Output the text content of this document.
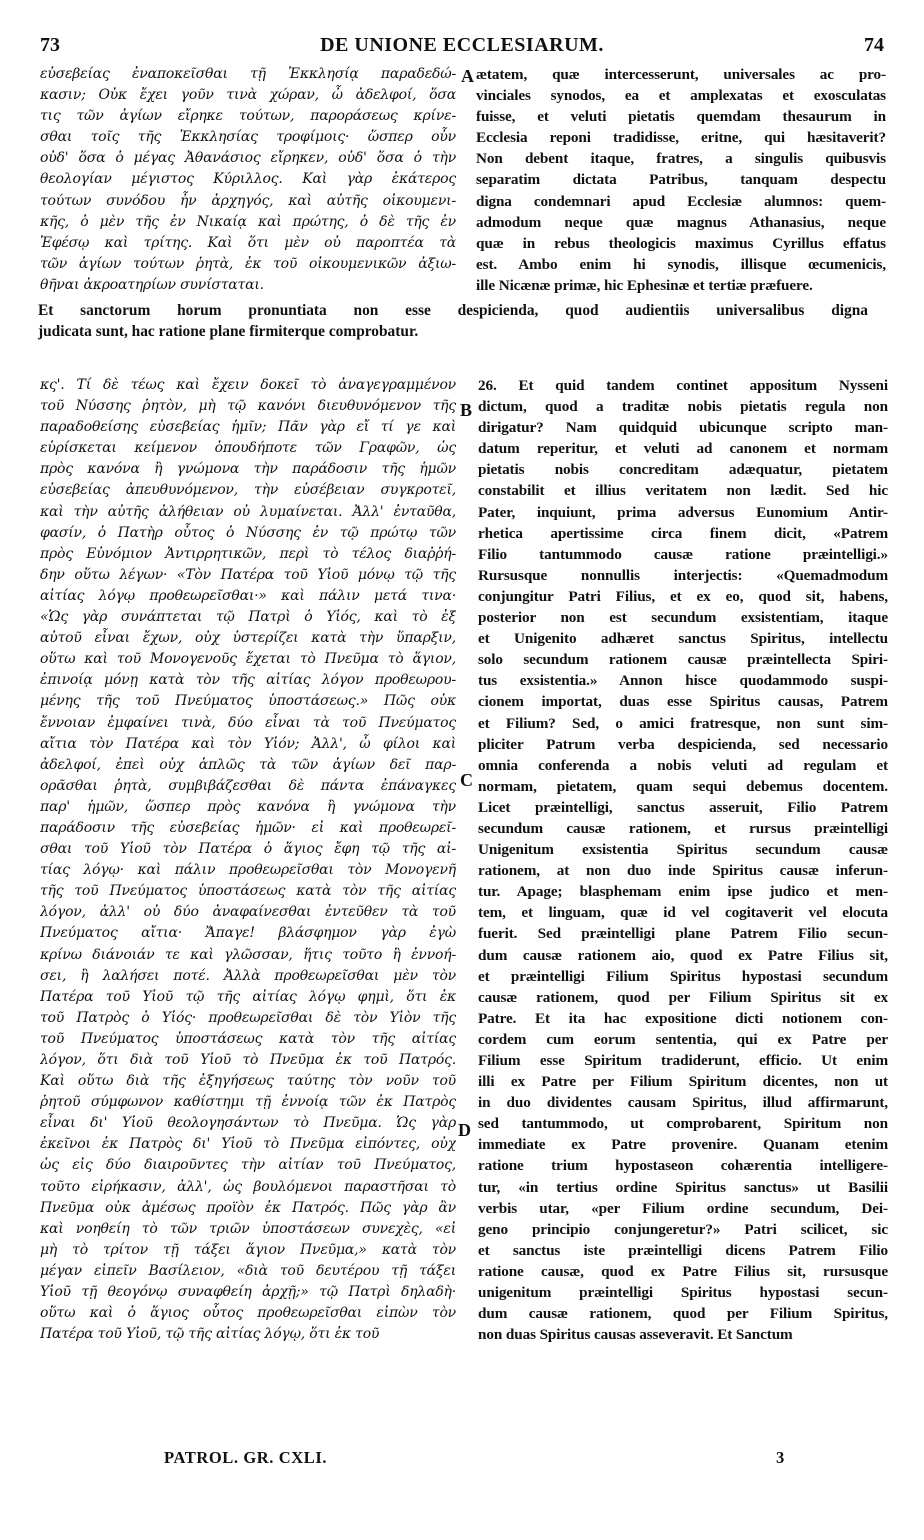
73	DE UNIONE ECCLESIARUM.	74
εὐσεβείας ἐναποκεῖσθαι τῇ Ἐκκλησίᾳ παραδεδώ-
κασιν; Οὐκ ἔχει γοῦν τινὰ χώραν, ὦ ἀδελφοί, ὅσα
τις τῶν ἁγίων εἴρηκε τούτων, παροράσεως κρίνε-
σθαι τοῖς τῆς Ἐκκλησίας τροφίμοις· ὥσπερ οὖν
οὐδ' ὅσα ὁ μέγας Ἀθανάσιος εἴρηκεν, οὐδ' ὅσα ὁ τὴν
θεολογίαν μέγιστος Κύριλλος. Καὶ γὰρ ἑκάτερος
τούτων συνόδου ἦν ἀρχηγός, καὶ αὐτῆς οἰκουμενι-
κῆς, ὁ μὲν τῆς ἐν Νικαίᾳ καὶ πρώτης, ὁ δὲ τῆς ἐν
Ἐφέσῳ καὶ τρίτης. Καὶ ὅτι μὲν οὐ παροπτέα τὰ
τῶν ἁγίων τούτων ῥητὰ, ἐκ τοῦ οἰκουμενικῶν ἀξιω-
θῆναι ἀκροατηρίων συνίσταται.
ætatem, quæ intercesserunt, universales ac pro-
vinciales synodos, ea et amplexatas et exosculatas
fuisse, et veluti pietatis quemdam thesaurum in
Ecclesia reponi tradidisse, eritne, qui hæsitaverit?
Non debent itaque, fratres, a singulis quibusvis
separatim dictata Patribus, tanquam despectu
digna condemnari apud Ecclesiæ alumnos: quem-
admodum neque quæ magnus Athanasius, neque
quæ in rebus theologicis maximus Cyrillus effatus
est. Ambo enim hi synodis, illisque œcumenicis,
ille Nicænæ primæ, hic Ephesinæ et tertiæ præfuere.
Et sanctorum horum pronuntiata non esse despicienda, quod audientiis universalibus digna
judicata sunt, hac ratione plane firmiterque comprobatur.
κς'. Τί δὲ τέως καὶ ἔχειν δοκεῖ τὸ ἀναγεγραμμένον
τοῦ Νύσσης ῥητὸν, μὴ τῷ κανόνι διευθυνόμενον τῆς
παραδοθείσης εὐσεβείας ἡμῖν; Πᾶν γὰρ εἴ τί γε καὶ
εὑρίσκεται κείμενον ὁπουδήποτε τῶν Γραφῶν, ὡς
πρὸς κανόνα ἢ γνώμονα τὴν παράδοσιν τῆς ἡμῶν
εὐσεβείας ἀπευθυνόμενον, τὴν εὐσέβειαν συγκροτεῖ,
καὶ τὴν αὐτῆς ἀλήθειαν οὐ λυμαίνεται. Ἀλλ' ἐνταῦθα,
φασίν, ὁ Πατὴρ οὗτος ὁ Νύσσης ἐν τῷ πρώτῳ τῶν
πρὸς Εὐνόμιον Ἀντιρρητικῶν, περὶ τὸ τέλος διαῤῥή-
δην οὕτω λέγων· «Τὸν Πατέρα τοῦ Υἱοῦ μόνῳ τῷ τῆς
αἰτίας λόγῳ προθεωρεῖσθαι·» καὶ πάλιν μετά τινα·
«Ὡς γὰρ συνάπτεται τῷ Πατρὶ ὁ Υἱός, καὶ τὸ ἐξ
αὐτοῦ εἶναι ἔχων, οὐχ ὑστερίζει κατὰ τὴν ὕπαρξιν,
οὕτω καὶ τοῦ Μονογενοῦς ἔχεται τὸ Πνεῦμα τὸ ἅγιον,
ἐπινοίᾳ μόνῃ κατὰ τὸν τῆς αἰτίας λόγον προθεωρου-
μένης τῆς τοῦ Πνεύματος ὑποστάσεως.» Πῶς οὐκ
ἔννοιαν ἐμφαίνει τινὰ, δύο εἶναι τὰ τοῦ Πνεύματος
αἴτια τὸν Πατέρα καὶ τὸν Υἱόν; Ἀλλ', ὦ φίλοι καὶ
ἀδελφοί, ἐπεὶ οὐχ ἁπλῶς τὰ τῶν ἁγίων δεῖ παρ-
ορᾶσθαι ῥητὰ, συμβιβάζεσθαι δὲ πάντα ἐπάναγκες
παρ' ἡμῶν, ὥσπερ πρὸς κανόνα ἢ γνώμονα τὴν
παράδοσιν τῆς εὐσεβείας ἡμῶν· εἰ καὶ προθεωρεῖ-
σθαι τοῦ Υἱοῦ τὸν Πατέρα ὁ ἅγιος ἔφη τῷ τῆς αἰ-
τίας λόγῳ· καὶ πάλιν προθεωρεῖσθαι τὸν Μονογενῆ
τῆς τοῦ Πνεύματος ὑποστάσεως κατὰ τὸν τῆς αἰτίας
λόγον, ἀλλ' οὐ δύο ἀναφαίνεσθαι ἐντεῦθεν τὰ τοῦ
Πνεύματος αἴτια· Ἄπαγε! βλάσφημον γὰρ ἐγὼ
κρίνω διάνοιάν τε καὶ γλῶσσαν, ἥτις τοῦτο ἢ ἐννοή-
σει, ἢ λαλήσει ποτέ. Ἀλλὰ προθεωρεῖσθαι μὲν τὸν
Πατέρα τοῦ Υἱοῦ τῷ τῆς αἰτίας λόγῳ φημὶ, ὅτι ἐκ
τοῦ Πατρὸς ὁ Υἱός· προθεωρεῖσθαι δὲ τὸν Υἱὸν τῆς
τοῦ Πνεύματος ὑποστάσεως κατὰ τὸν τῆς αἰτίας
λόγον, ὅτι διὰ τοῦ Υἱοῦ τὸ Πνεῦμα ἐκ τοῦ Πατρός.
Καὶ οὕτω διὰ τῆς ἐξηγήσεως ταύτης τὸν νοῦν τοῦ
ῥητοῦ σύμφωνον καθίστημι τῇ ἐννοίᾳ τῶν ἐκ Πατρὸς
εἶναι δι' Υἱοῦ θεολογησάντων τὸ Πνεῦμα. Ὡς γὰρ
ἐκεῖνοι ἐκ Πατρὸς δι' Υἱοῦ τὸ Πνεῦμα εἰπόντες, οὐχ
ὡς εἰς δύο διαιροῦντες τὴν αἰτίαν τοῦ Πνεύματος,
τοῦτο εἰρήκασιν, ἀλλ', ὡς βουλόμενοι παραστῆσαι τὸ
Πνεῦμα οὐκ ἀμέσως προϊὸν ἐκ Πατρός. Πῶς γὰρ ἂν
καὶ νοηθείη τὸ τῶν τριῶν ὑποστάσεων συνεχὲς, «εἰ
μὴ τὸ τρίτον τῇ τάξει ἅγιον Πνεῦμα,» κατὰ τὸν
μέγαν εἰπεῖν Βασίλειον, «διὰ τοῦ δευτέρου τῇ τάξει
Υἱοῦ τῇ θεογόνῳ συναφθείη ἀρχῇ;» τῷ Πατρὶ δηλαδὴ·
οὕτω καὶ ὁ ἅγιος οὗτος προθεωρεῖσθαι εἰπὼν τὸν
Πατέρα τοῦ Υἱοῦ, τῷ τῆς αἰτίας λόγῳ, ὅτι ἐκ τοῦ
26. Et quid tandem continet appositum Nysseni
dictum, quod a traditæ nobis pietatis regula non
dirigatur? Nam quidquid ubicunque scripto man-
datum reperitur, et veluti ad canonem et normam
pietatis nobis concreditam adæquatur, pietatem
constabilit et illius veritatem non lædit. Sed hic
Pater, inquiunt, prima adversus Eunomium Antir-
rhetica apertissime circa finem dicit, «Patrem
Filio tantummodo causæ ratione præintelligi.»
Rursusque nonnullis interjectis: «Quemadmodum
conjungitur Patri Filius, et ex eo, quod sit, habens,
posterior non est secundum exsistentiam, itaque
et Unigenito adhæret sanctus Spiritus, intellectu
solo secundum rationem causæ præintellecta Spiri-
tus exsistentia.» Annon hisce quodammodo suspi-
cionem importat, duas esse Spiritus causas, Patrem
et Filium? Sed, o amici fratresque, non sunt sim-
pliciter Patrum verba despicienda, sed necessario
omnia conferenda a nobis veluti ad regulam et
normam, pietatem, quam sequi debemus docentem.
Licet præintelligi, sanctus asseruit, Filio Patrem
secundum causæ rationem, et rursus præintelligi
Unigenitum exsistentia Spiritus secundum causæ
rationem, at non duo inde Spiritus causæ inferun-
tur. Apage; blasphemam enim ipse judico et men-
tem, et linguam, quæ id vel cogitaverit vel elocuta
fuerit. Sed præintelligi plane Patrem Filio secun-
dum causæ rationem aio, quod ex Patre Filius sit,
et præintelligi Filium Spiritus hypostasi secundum
causæ rationem, quod per Filium Spiritus sit ex
Patre. Et ita hac expositione dicti notionem con-
cordem cum eorum sententia, qui ex Patre per
Filium esse Spiritum tradiderunt, efficio. Ut enim
illi ex Patre per Filium Spiritum dicentes, non ut
in duo dividentes causam Spiritus, illud affirmarunt,
sed tantummodo, ut comprobarent, Spiritum non
immediate ex Patre provenire. Quanam etenim
ratione trium hypostaseon cohærentia intelligere-
tur, «in tertius ordine Spiritus sanctus» ut Basilii
verbis utar, «per Filium ordine secundum, Dei-
geno principio conjungeretur?» Patri scilicet, sic
et sanctus iste præintelligi dicens Patrem Filio
ratione causæ, quod ex Patre Filius sit, rursusque
unigenitum præintelligi Spiritus hypostasi secun-
dum causæ rationem, quod per Filium Spiritus,
non duas Spiritus causas asseveravit. Et Sanctum
A
B
C
D
PATROL. GR. CXLI.	3
